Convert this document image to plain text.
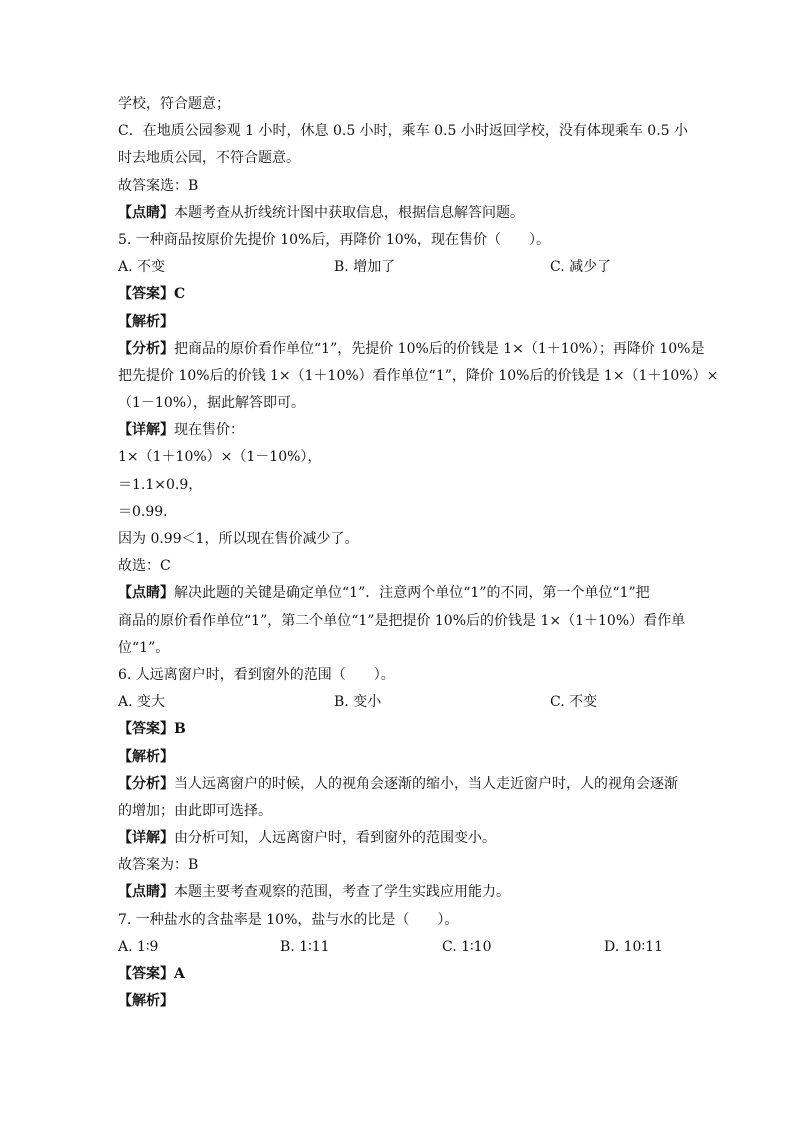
学校，符合题意；
C．在地质公园参观 1 小时，休息 0.5 小时，乘车 0.5 小时返回学校，没有体现乘车 0.5 小
时去地质公园，不符合题意。
故答案选：B
【点睛】本题考查从折线统计图中获取信息，根据信息解答问题。
5. 一种商品按原价先提价 10%后，再降价 10%，现在售价（　　）。
A. 不变	B. 增加了	C. 减少了
【答案】C
【解析】
【分析】把商品的原价看作单位“1”，先提价 10%后的价钱是 1×（1＋10%）；再降价 10%是
把先提价 10%后的价钱 1×（1＋10%）看作单位“1”，降价 10%后的价钱是 1×（1＋10%）×
（1－10%），据此解答即可。
【详解】现在售价：
1×（1＋10%）×（1－10%），
＝1.1×0.9，
＝0.99．
因为 0.99＜1，所以现在售价减少了。
故选：C
【点睛】解决此题的关键是确定单位“1”．注意两个单位“1”的不同，第一个单位“1”把
商品的原价看作单位“1”，第二个单位“1”是把提价 10%后的价钱是 1×（1＋10%）看作单
位“1”。
6. 人远离窗户时，看到窗外的范围（　　）。
A. 变大	B. 变小	C. 不变
【答案】B
【解析】
【分析】当人远离窗户的时候，人的视角会逐渐的缩小，当人走近窗户时，人的视角会逐渐
的增加；由此即可选择。
【详解】由分析可知，人远离窗户时，看到窗外的范围变小。
故答案为：B
【点睛】本题主要考查观察的范围，考查了学生实践应用能力。
7. 一种盐水的含盐率是 10%，盐与水的比是（　　）。
A. 1∶9	B. 1∶11	C. 1∶10	D. 10∶11
【答案】A
【解析】
